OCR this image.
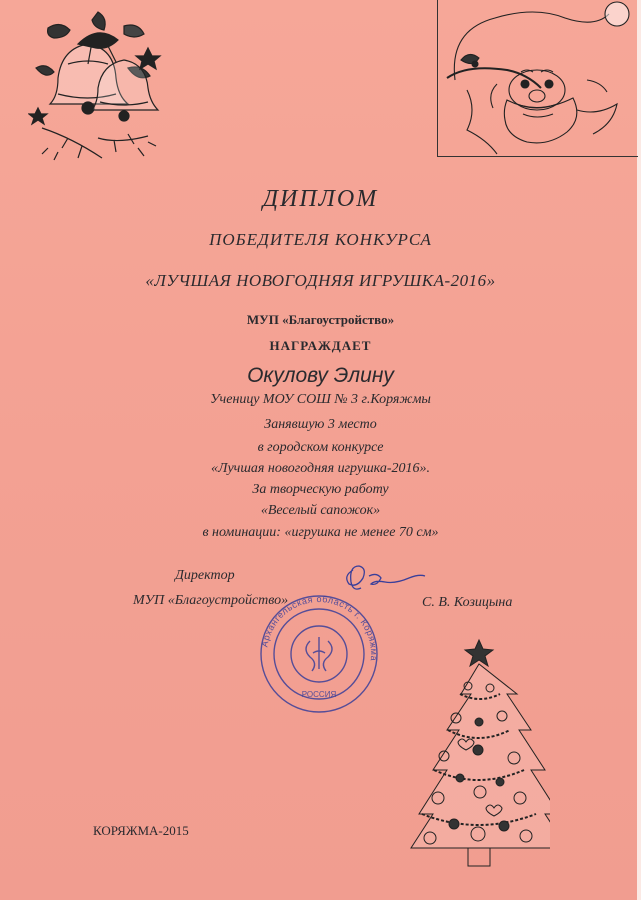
ДИПЛОМ
ПОБЕДИТЕЛЯ КОНКУРСА
«ЛУЧШАЯ НОВОГОДНЯЯ ИГРУШКА-2016»
МУП «Благоустройство»
НАГРАЖДАЕТ
Окулову Элину
Ученицу МОУ СОШ № 3 г.Коряжмы
Занявшую 3 место
в городском конкурсе
«Лучшая новогодняя игрушка-2016».
За творческую работу
«Веселый сапожок»
в номинации: «игрушка не менее 70 см»
Директор
МУП «Благоустройство»	С. В. Козицына
Архангельская область г. Коряжма
РОССИЯ
КОРЯЖМА-2015
